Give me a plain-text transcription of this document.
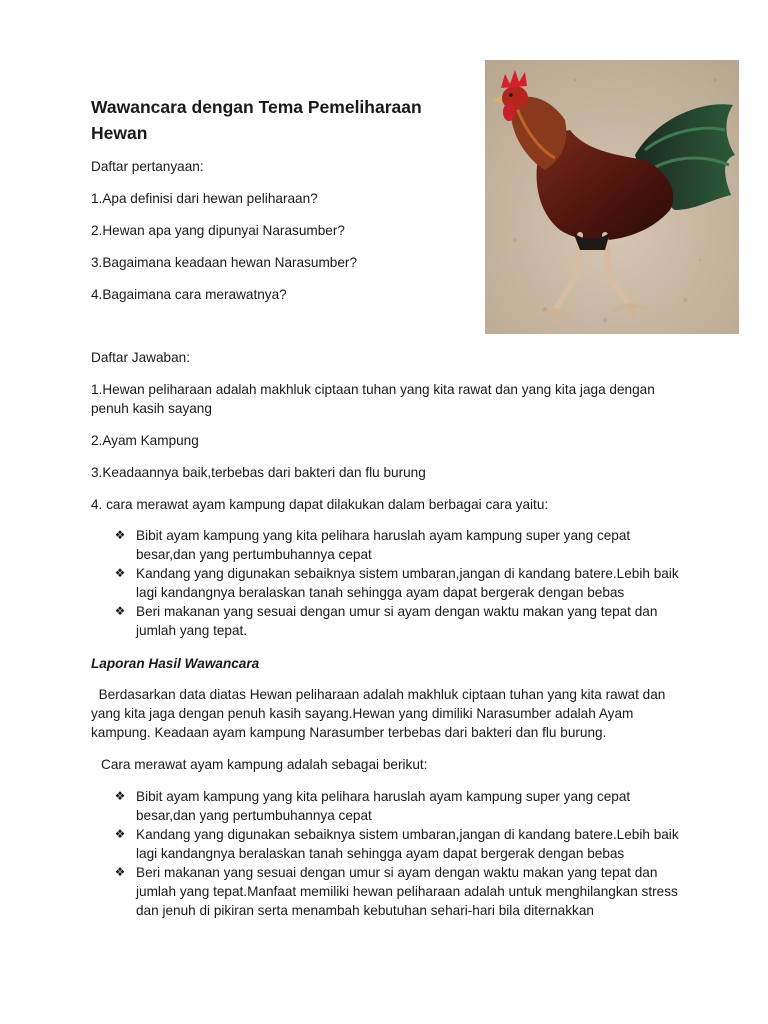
Wawancara dengan Tema Pemeliharaan Hewan
Daftar pertanyaan:
1.Apa definisi dari hewan peliharaan?
2.Hewan apa yang dipunyai Narasumber?
3.Bagaimana keadaan hewan Narasumber?
4.Bagaimana cara merawatnya?
Daftar Jawaban:
1.Hewan peliharaan adalah makhluk ciptaan tuhan yang kita rawat dan yang kita jaga dengan penuh kasih sayang
2.Ayam Kampung
3.Keadaannya baik,terbebas dari bakteri dan flu burung
4. cara merawat ayam kampung dapat dilakukan dalam berbagai cara yaitu:
❖ Bibit ayam kampung yang kita pelihara haruslah ayam kampung super yang cepat besar,dan yang pertumbuhannya cepat
❖ Kandang yang digunakan sebaiknya sistem umbaran,jangan di kandang batere.Lebih baik lagi kandangnya beralaskan tanah sehingga ayam dapat bergerak dengan bebas
❖ Beri makanan yang sesuai dengan umur si ayam dengan waktu makan yang tepat dan jumlah yang tepat.
Laporan Hasil Wawancara
Berdasarkan data diatas Hewan peliharaan adalah makhluk ciptaan tuhan yang kita rawat dan yang kita jaga dengan penuh kasih sayang.Hewan yang dimiliki Narasumber adalah Ayam kampung. Keadaan ayam kampung Narasumber terbebas dari bakteri dan flu burung.
Cara merawat ayam kampung adalah sebagai berikut:
❖ Bibit ayam kampung yang kita pelihara haruslah ayam kampung super yang cepat besar,dan yang pertumbuhannya cepat
❖ Kandang yang digunakan sebaiknya sistem umbaran,jangan di kandang batere.Lebih baik lagi kandangnya beralaskan tanah sehingga ayam dapat bergerak dengan bebas
❖ Beri makanan yang sesuai dengan umur si ayam dengan waktu makan yang tepat dan jumlah yang tepat.Manfaat memiliki hewan peliharaan adalah untuk menghilangkan stress dan jenuh di pikiran serta menambah kebutuhan sehari-hari bila diternakkan
